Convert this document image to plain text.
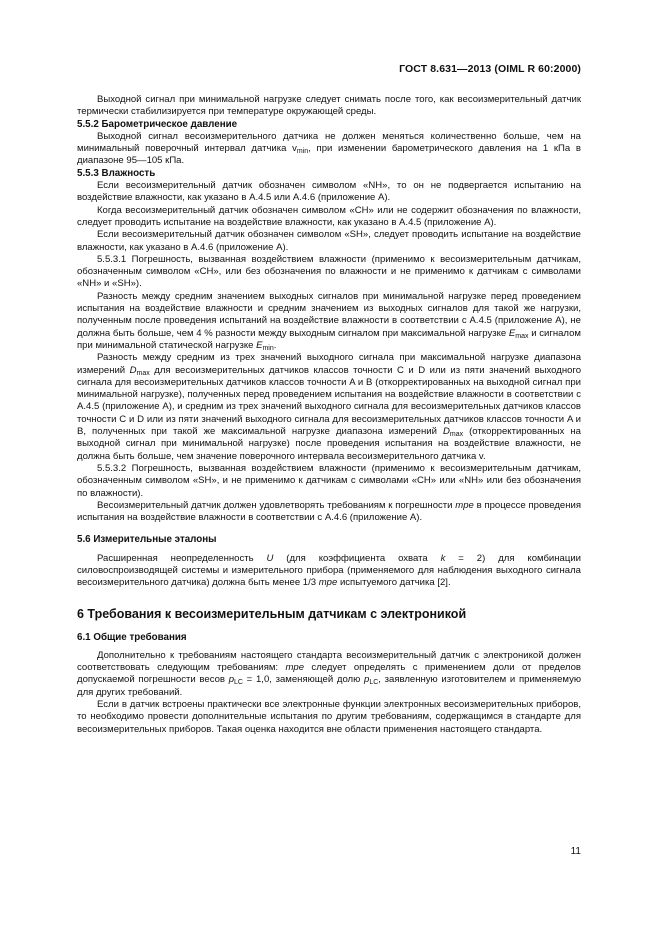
ГОСТ 8.631—2013 (OIML R 60:2000)

Выходной сигнал при минимальной нагрузке следует снимать после того, как весоизмерительный датчик термически стабилизируется при температуре окружающей среды.

5.5.2 Барометрическое давление

Выходной сигнал весоизмерительного датчика не должен меняться количественно больше, чем на минимальный поверочный интервал датчика $v_{min}$, при изменении барометрического давления на 1 кПа в диапазоне 95—105 кПа.

5.5.3 Влажность

Если весоизмерительный датчик обозначен символом «NH», то он не подвергается испытанию на воздействие влажности, как указано в А.4.5 или А.4.6 (приложение А).

Когда весоизмерительный датчик обозначен символом «CH» или не содержит обозначения по влажности, следует проводить испытание на воздействие влажности, как указано в А.4.5 (приложение А).

Если весоизмерительный датчик обозначен символом «SH», следует проводить испытание на воздействие влажности, как указано в А.4.6 (приложение А).

5.5.3.1 Погрешность, вызванная воздействием влажности (применимо к весоизмерительным датчикам, обозначенным символом «CH», или без обозначения по влажности и не применимо к датчикам с символами «NH» и «SH»).

Разность между средним значением выходных сигналов при минимальной нагрузке перед проведением испытания на воздействие влажности и средним значением из выходных сигналов для такой же нагрузки, полученным после проведения испытаний на воздействие влажности в соответствии с А.4.5 (приложение А), не должна быть больше, чем 4 % разности между выходным сигналом при максимальной нагрузке $E_{max}$ и сигналом при минимальной статической нагрузке $E_{min}$.

Разность между средним из трех значений выходного сигнала при максимальной нагрузке диапазона измерений $D_{max}$ для весоизмерительных датчиков классов точности C и D или из пяти значений выходного сигнала для весоизмерительных датчиков классов точности A и B (откорректированных на выходной сигнал при минимальной нагрузке), полученных перед проведением испытания на воздействие влажности в соответствии с А.4.5 (приложение А), и средним из трех значений выходного сигнала для весоизмерительных датчиков классов точности C и D или из пяти значений выходного сигнала для весоизмерительных датчиков классов точности A и B, полученных при такой же максимальной нагрузке диапазона измерений $D_{max}$ (откорректированных на выходной сигнал при минимальной нагрузке) после проведения испытания на воздействие влажности, не должна быть больше, чем значение поверочного интервала весоизмерительного датчика v.

5.5.3.2 Погрешность, вызванная воздействием влажности (применимо к весоизмерительным датчикам, обозначенным символом «SH», и не применимо к датчикам с символами «CH» или «NH» или без обозначения по влажности).

Весоизмерительный датчик должен удовлетворять требованиям к погрешности mpe в процессе проведения испытания на воздействие влажности в соответствии с А.4.6 (приложение А).

5.6 Измерительные эталоны

Расширенная неопределенность U (для коэффициента охвата k = 2) для комбинации силовоспроизводящей системы и измерительного прибора (применяемого для наблюдения выходного сигнала весоизмерительного датчика) должна быть менее 1/3 mpe испытуемого датчика [2].

6 Требования к весоизмерительным датчикам с электроникой
6.1 Общие требования

Дополнительно к требованиям настоящего стандарта весоизмерительный датчик с электроникой должен соответствовать следующим требованиям: mpe следует определять с применением доли от пределов допускаемой погрешности весов $p_{LC} = 1,0$, заменяющей долю $p_{LC}$, заявленную изготовителем и применяемую для других требований.

Если в датчик встроены практически все электронные функции электронных весоизмерительных приборов, то необходимо провести дополнительные испытания по другим требованиям, содержащимся в стандарте для весоизмерительных приборов. Такая оценка находится вне области применения настоящего стандарта.

11
